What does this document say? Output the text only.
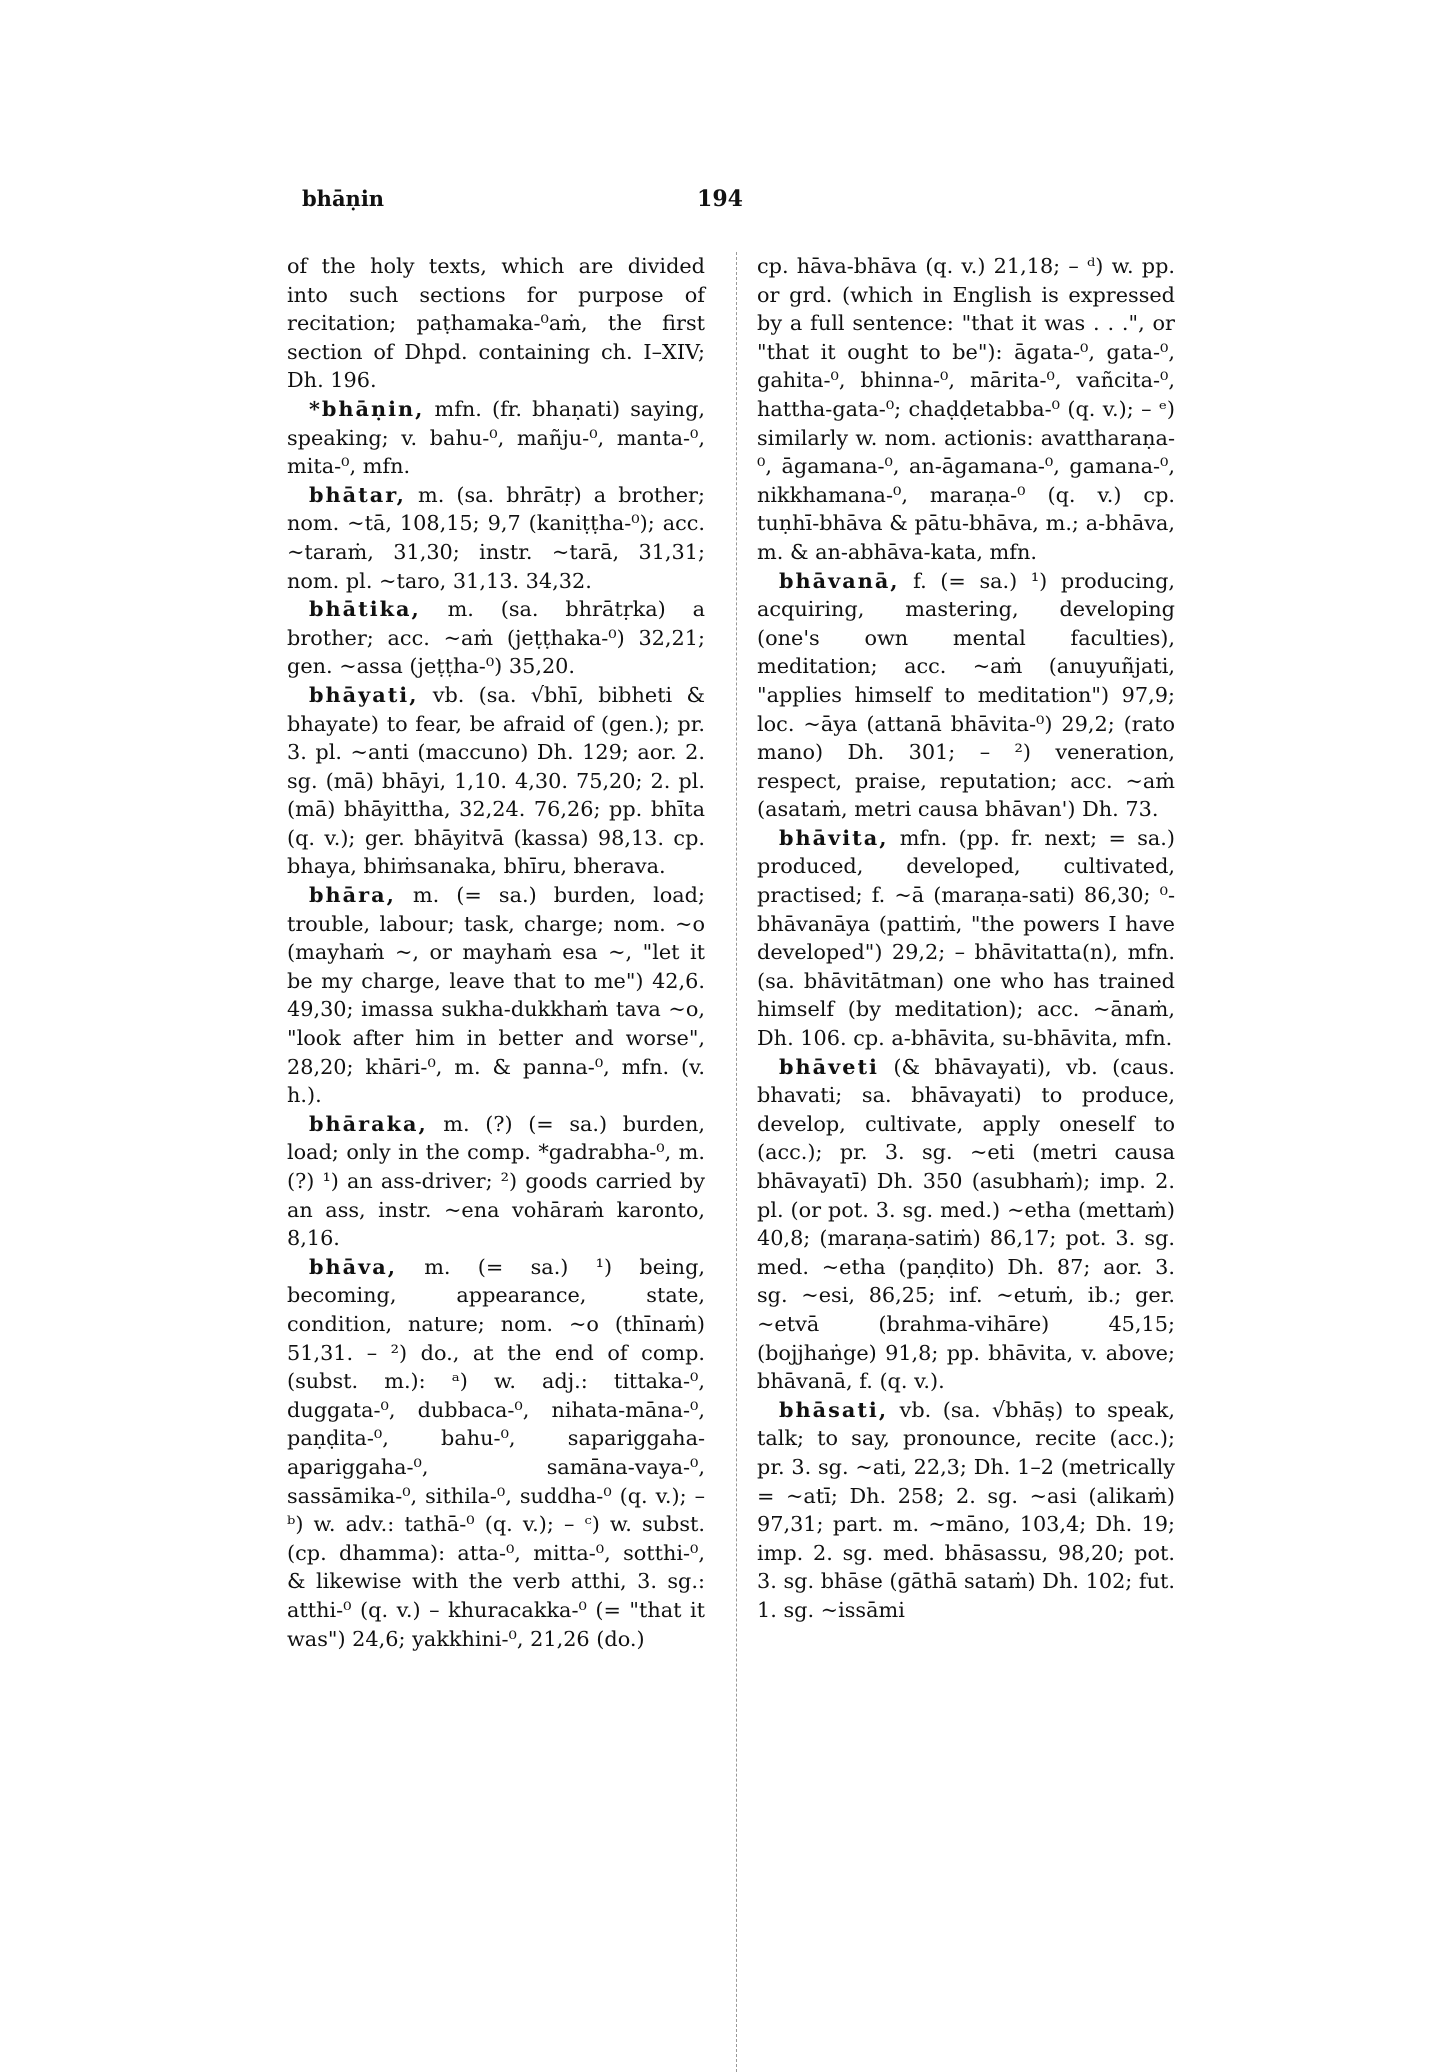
bhāṇin	194

of the holy texts, which are divided into such sections for purpose of recitation; paṭhamaka-⁰aṁ, the first section of Dhpd. containing ch. I–XIV; Dh. 196.

*bhāṇin, mfn. (fr. bhaṇati) saying, speaking; v. bahu-⁰, mañju-⁰, manta-⁰, mita-⁰, mfn.

bhātar, m. (sa. bhrātṛ) a brother; nom. ~tā, 108,15; 9,7 (kaniṭṭha-⁰); acc. ~taraṁ, 31,30; instr. ~tarā, 31,31; nom. pl. ~taro, 31,13. 34,32.

bhātika, m. (sa. bhrātṛka) a brother; acc. ~aṁ (jeṭṭhaka-⁰) 32,21; gen. ~assa (jeṭṭha-⁰) 35,20.

bhāyati, vb. (sa. √bhī, bibheti & bhayate) to fear, be afraid of (gen.); pr. 3. pl. ~anti (maccuno) Dh. 129; aor. 2. sg. (mā) bhāyi, 1,10. 4,30. 75,20; 2. pl. (mā) bhāyittha, 32,24. 76,26; pp. bhīta (q. v.); ger. bhāyitvā (kassa) 98,13. cp. bhaya, bhiṁsanaka, bhīru, bherava.

bhāra, m. (= sa.) burden, load; trouble, labour; task, charge; nom. ~o (mayhaṁ ~, or mayhaṁ esa ~, "let it be my charge, leave that to me") 42,6. 49,30; imassa sukha-dukkhaṁ tava ~o, "look after him in better and worse", 28,20; khāri-⁰, m. & panna-⁰, mfn. (v. h.).

bhāraka, m. (?) (= sa.) burden, load; only in the comp. *gadrabha-⁰, m. (?) ¹) an ass-driver; ²) goods carried by an ass, instr. ~ena vohāraṁ karonto, 8,16.

bhāva, m. (= sa.) ¹) being, becoming, appearance, state, condition, nature; nom. ~o (thīnaṁ) 51,31. – ²) do., at the end of comp. (subst. m.): ᵃ) w. adj.: tittaka-⁰, duggata-⁰, dubbaca-⁰, nihata-māna-⁰, paṇḍita-⁰, bahu-⁰, sapariggaha-apariggaha-⁰, samāna-vaya-⁰, sassāmika-⁰, sithila-⁰, suddha-⁰ (q. v.); – ᵇ) w. adv.: tathā-⁰ (q. v.); – ᶜ) w. subst. (cp. dhamma): atta-⁰, mitta-⁰, sotthi-⁰, & likewise with the verb atthi, 3. sg.: atthi-⁰ (q. v.) – khuracakka-⁰ (= "that it was") 24,6; yakkhini-⁰, 21,26 (do.)

cp. hāva-bhāva (q. v.) 21,18; – ᵈ) w. pp. or grd. (which in English is expressed by a full sentence: "that it was . . .", or "that it ought to be"): āgata-⁰, gata-⁰, gahita-⁰, bhinna-⁰, mārita-⁰, vañcita-⁰, hattha-gata-⁰; chaḍḍetabba-⁰ (q. v.); – ᵉ) similarly w. nom. actionis: avattharaṇa-⁰, āgamana-⁰, an-āgamana-⁰, gamana-⁰, nikkhamana-⁰, maraṇa-⁰ (q. v.) cp. tuṇhī-bhāva & pātu-bhāva, m.; a-bhāva, m. & an-abhāva-kata, mfn.

bhāvanā, f. (= sa.) ¹) producing, acquiring, mastering, developing (one's own mental faculties), meditation; acc. ~aṁ (anuyuñjati, "applies himself to meditation") 97,9; loc. ~āya (attanā bhāvita-⁰) 29,2; (rato mano) Dh. 301; – ²) veneration, respect, praise, reputation; acc. ~aṁ (asataṁ, metri causa bhāvan') Dh. 73.

bhāvita, mfn. (pp. fr. next; = sa.) produced, developed, cultivated, practised; f. ~ā (maraṇa-sati) 86,30; ⁰-bhāvanāya (pattiṁ, "the powers I have developed") 29,2; – bhāvitatta(n), mfn. (sa. bhāvitātman) one who has trained himself (by meditation); acc. ~ānaṁ, Dh. 106. cp. a-bhāvita, su-bhāvita, mfn.

bhāveti (& bhāvayati), vb. (caus. bhavati; sa. bhāvayati) to produce, develop, cultivate, apply oneself to (acc.); pr. 3. sg. ~eti (metri causa bhāvayatī) Dh. 350 (asubhaṁ); imp. 2. pl. (or pot. 3. sg. med.) ~etha (mettaṁ) 40,8; (maraṇa-satiṁ) 86,17; pot. 3. sg. med. ~etha (paṇḍito) Dh. 87; aor. 3. sg. ~esi, 86,25; inf. ~etuṁ, ib.; ger. ~etvā (brahma-vihāre) 45,15; (bojjhaṅge) 91,8; pp. bhāvita, v. above; bhāvanā, f. (q. v.).

bhāsati, vb. (sa. √bhāṣ) to speak, talk; to say, pronounce, recite (acc.); pr. 3. sg. ~ati, 22,3; Dh. 1–2 (metrically = ~atī; Dh. 258; 2. sg. ~asi (alikaṁ) 97,31; part. m. ~māno, 103,4; Dh. 19; imp. 2. sg. med. bhāsassu, 98,20; pot. 3. sg. bhāse (gāthā sataṁ) Dh. 102; fut. 1. sg. ~issāmi
